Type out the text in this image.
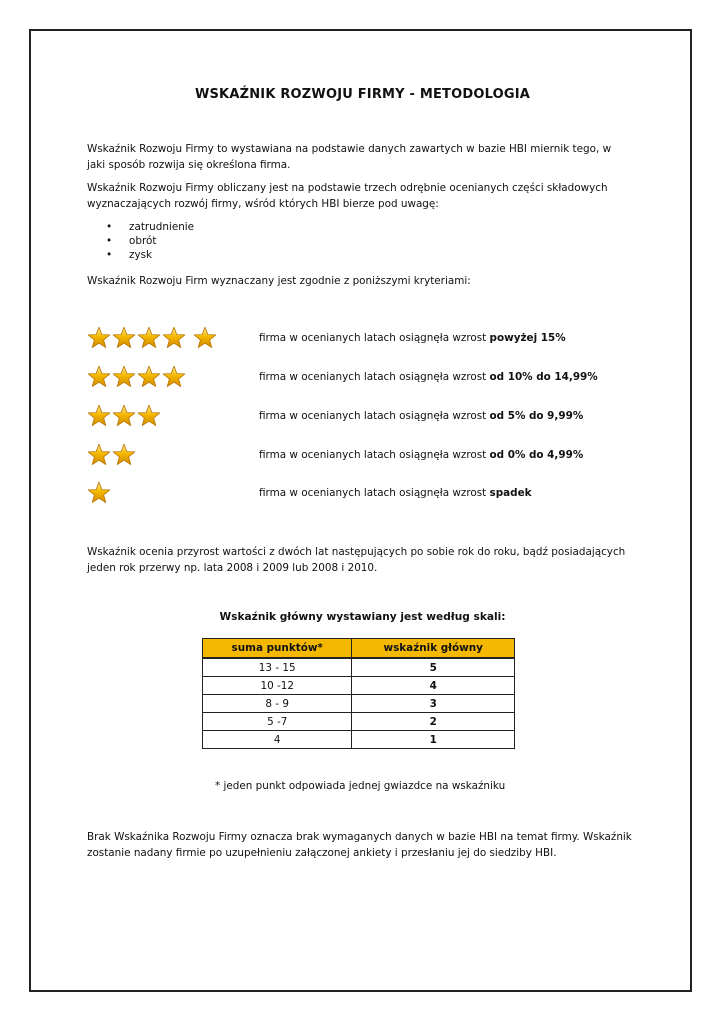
WSKAŹNIK ROZWOJU FIRMY - METODOLOGIA
Wskaźnik Rozwoju Firmy to wystawiana na podstawie danych zawartych w bazie HBI miernik tego, w jaki sposób rozwija się określona firma.
Wskaźnik Rozwoju Firmy obliczany jest na podstawie trzech odrębnie ocenianych części składowych wyznaczających rozwój firmy, wśród których HBI bierze pod uwagę:
• zatrudnienie
• obrót
• zysk
Wskaźnik Rozwoju Firm wyznaczany jest zgodnie z poniższymi kryteriami:
firma w ocenianych latach osiągnęła wzrost powyżej 15%
firma w ocenianych latach osiągnęła wzrost od 10% do 14,99%
firma w ocenianych latach osiągnęła wzrost od 5% do 9,99%
firma w ocenianych latach osiągnęła wzrost od 0% do 4,99%
firma w ocenianych latach osiągnęła wzrost spadek
Wskaźnik ocenia przyrost wartości z dwóch lat następujących po sobie rok do roku, bądź posiadających jeden rok przerwy np. lata 2008 i 2009 lub 2008 i 2010.
Wskaźnik główny wystawiany jest według skali:
suma punktów*	wskaźnik główny
13 - 15	5
10 -12	4
8 - 9	3
5 -7	2
4	1
* jeden punkt odpowiada jednej gwiazdce na wskaźniku
Brak Wskaźnika Rozwoju Firmy oznacza brak wymaganych danych w bazie HBI na temat firmy. Wskaźnik zostanie nadany firmie po uzupełnieniu załączonej ankiety i przesłaniu jej do siedziby HBI.
